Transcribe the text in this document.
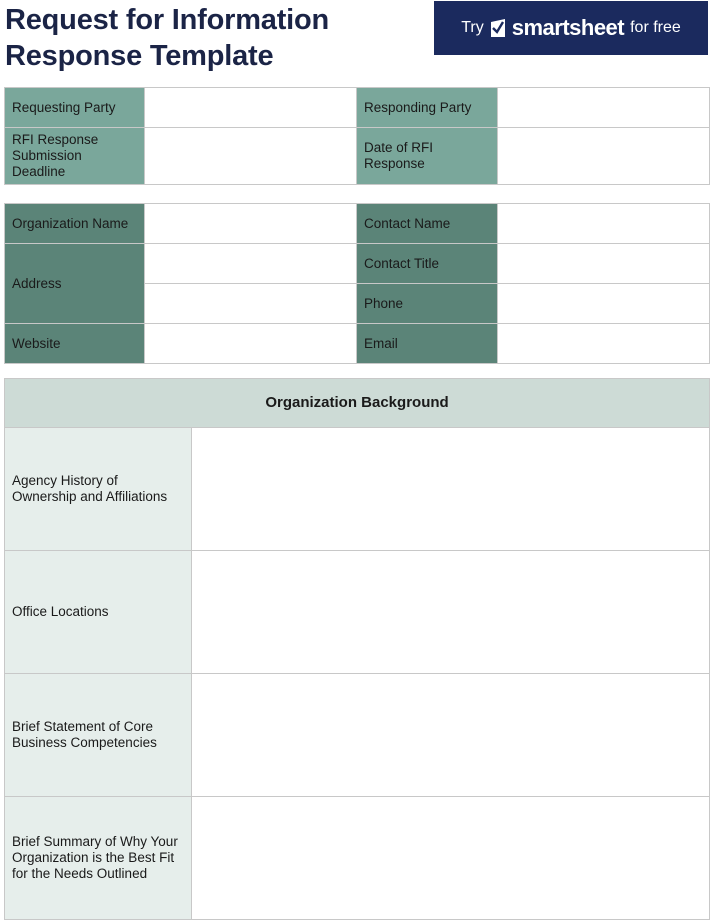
Request for Information
Response Template
Try smartsheet for free
Requesting Party			Responding Party	
RFI Response Submission Deadline			Date of RFI Response	
Organization Name			Contact Name	
Address			Contact Title	
		Phone	
Website			Email	
Organization Background	
Agency History of Ownership and Affiliations	
Office Locations	
Brief Statement of Core Business Competencies	
Brief Summary of Why Your Organization is the Best Fit for the Needs Outlined	
